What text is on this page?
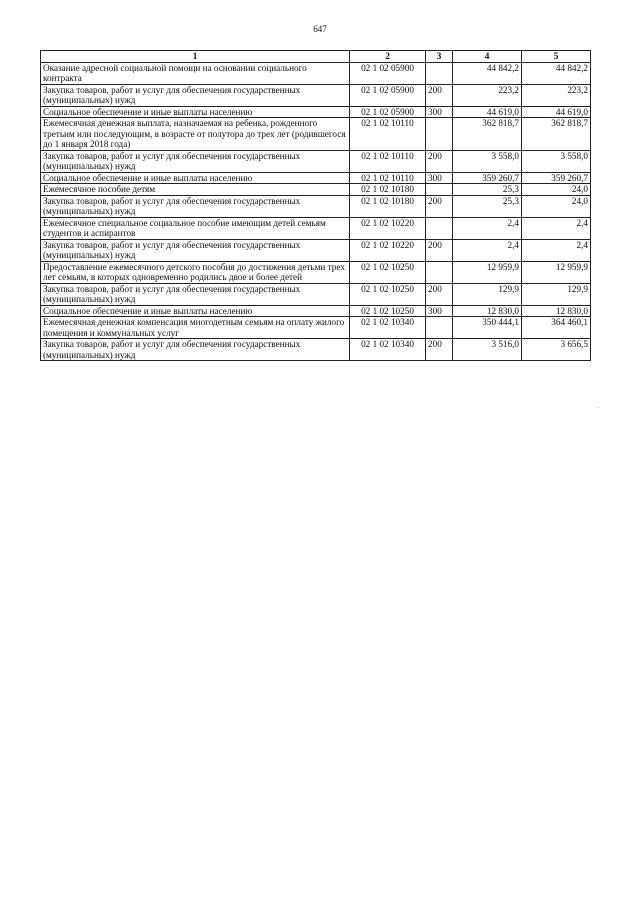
647
1	2	3	4	5
Оказание адресной социальной помощи на основании социального контракта	02 1 02 05900		44 842,2	44 842,2
Закупка товаров, работ и услуг для обеспечения государственных (муниципальных) нужд	02 1 02 05900	200	223,2	223,2
Социальное обеспечение и иные выплаты населению	02 1 02 05900	300	44 619,0	44 619,0
Ежемесячная денежная выплата, назначаемая на ребенка, рожденного третьим или последующим, в возрасте от полутора до трех лет (родившегося до 1 января 2018 года)	02 1 02 10110		362 818,7	362 818,7
Закупка товаров, работ и услуг для обеспечения государственных (муниципальных) нужд	02 1 02 10110	200	3 558,0	3 558,0
Социальное обеспечение и иные выплаты населению	02 1 02 10110	300	359 260,7	359 260,7
Ежемесячное пособие детям	02 1 02 10180		25,3	24,0
Закупка товаров, работ и услуг для обеспечения государственных (муниципальных) нужд	02 1 02 10180	200	25,3	24,0
Ежемесячное специальное социальное пособие имеющим детей семьям студентов и аспирантов	02 1 02 10220		2,4	2,4
Закупка товаров, работ и услуг для обеспечения государственных (муниципальных) нужд	02 1 02 10220	200	2,4	2,4
Предоставление ежемесячного детского пособия до достижения детьми трех лет семьям, в которых одновременно родились двое и более детей	02 1 02 10250		12 959,9	12 959,9
Закупка товаров, работ и услуг для обеспечения государственных (муниципальных) нужд	02 1 02 10250	200	129,9	129,9
Социальное обеспечение и иные выплаты населению	02 1 02 10250	300	12 830,0	12 830,0
Ежемесячная денежная компенсация многодетным семьям на оплату жилого помещения и коммунальных услуг	02 1 02 10340		350 444,1	364 460,1
Закупка товаров, работ и услуг для обеспечения государственных (муниципальных) нужд	02 1 02 10340	200	3 516,0	3 656,5
·
